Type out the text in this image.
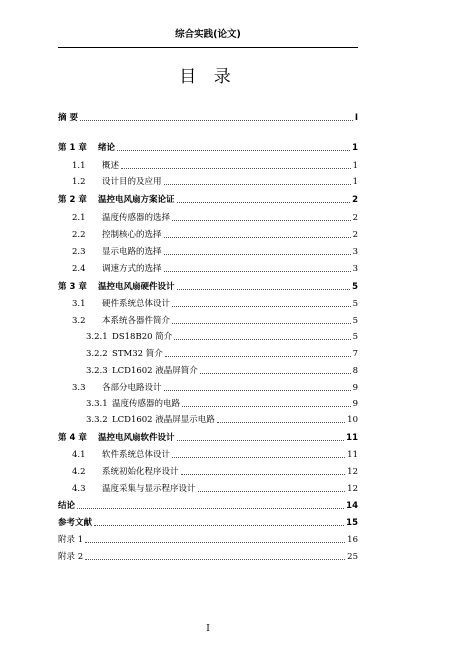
综合实践(论文)
目 录
摘 要	I
第 1 章	绪论	1
1.1	概述	1
1.2	设计目的及应用	1
第 2 章	温控电风扇方案论证	2
2.1	温度传感器的选择	2
2.2	控制核心的选择	2
2.3	显示电路的选择	3
2.4	调速方式的选择	3
第 3 章	温控电风扇硬件设计	5
3.1	硬件系统总体设计	5
3.2	本系统各器件简介	5
3.2.1 DS18B20 简介	5
3.2.2 STM32 简介	7
3.2.3 LCD1602 液晶屏简介	8
3.3	各部分电路设计	9
3.3.1 温度传感器的电路	9
3.3.2 LCD1602 液晶屏显示电路	10
第 4 章	温控电风扇软件设计	11
4.1	软件系统总体设计	11
4.2	系统初始化程序设计	12
4.3	温度采集与显示程序设计	12
结论	14
参考文献	15
附录 1	16
附录 2	25
I
